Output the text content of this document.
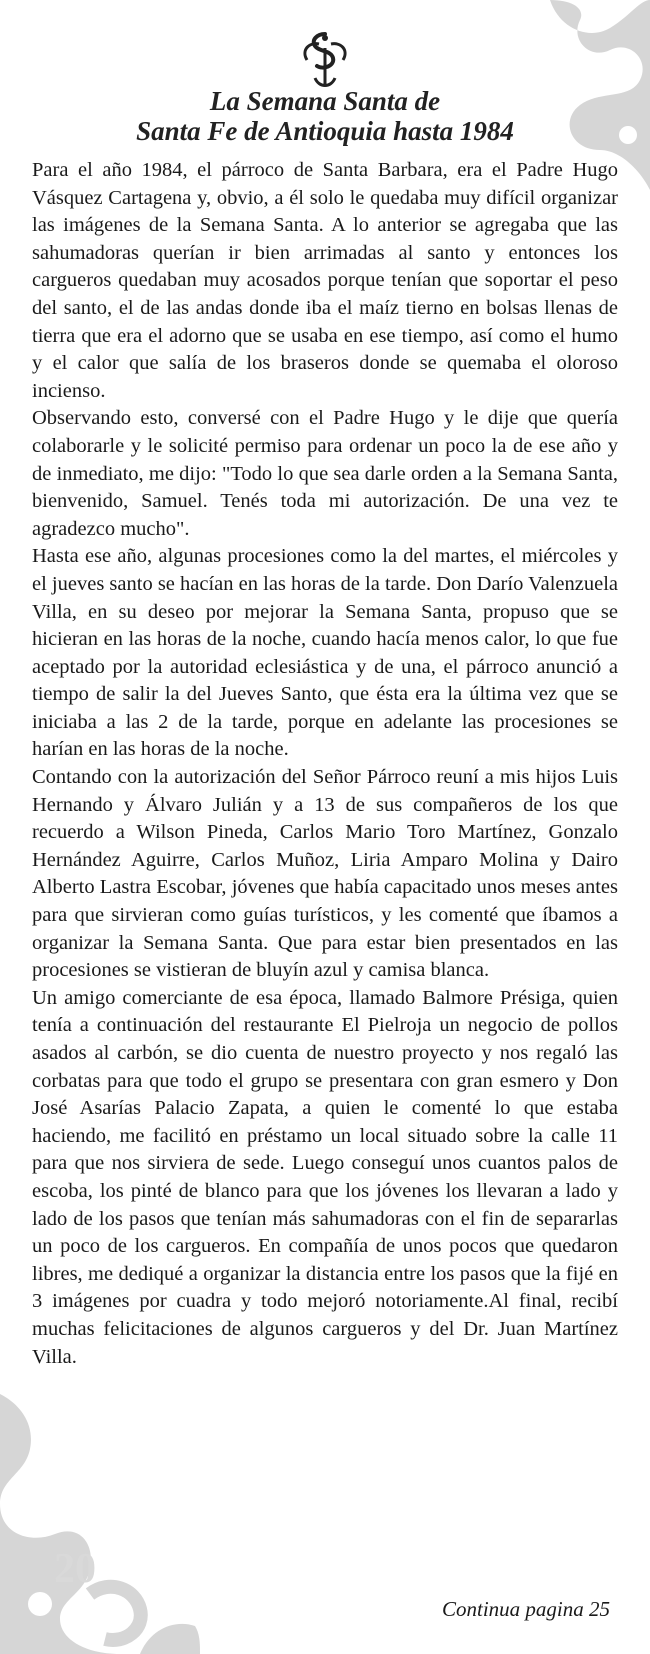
La Semana Santa de
Santa Fe de Antioquia hasta 1984

Para el año 1984, el párroco de Santa Barbara, era el Padre Hugo Vásquez Cartagena y, obvio, a él solo le quedaba muy difícil organizar las imágenes de la Semana Santa. A lo anterior se agregaba que las sahumadoras querían ir bien arrimadas al santo y entonces los cargueros quedaban muy acosados porque tenían que soportar el peso del santo, el de las andas donde iba el maíz tierno en bolsas llenas de tierra que era el adorno que se usaba en ese tiempo, así como el humo y el calor que salía de los braseros donde se quemaba el oloroso incienso.

Observando esto, conversé con el Padre Hugo y le dije que quería colaborarle y le solicité permiso para ordenar un poco la de ese año y de inmediato, me dijo: "Todo lo que sea darle orden a la Semana Santa, bienvenido, Samuel. Tenés toda mi autorización. De una vez te agradezco mucho".

Hasta ese año, algunas procesiones como la del martes, el miércoles y el jueves santo se hacían en las horas de la tarde. Don Darío Valenzuela Villa, en su deseo por mejorar la Semana Santa, propuso que se hicieran en las horas de la noche, cuando hacía menos calor, lo que fue aceptado por la autoridad eclesiástica y de una, el párroco anunció a tiempo de salir la del Jueves Santo, que ésta era la última vez que se iniciaba a las 2 de la tarde, porque en adelante las procesiones se harían en las horas de la noche.

Contando con la autorización del Señor Párroco reuní a mis hijos Luis Hernando y Álvaro Julián y a 13 de sus compañeros de los que recuerdo a Wilson Pineda, Carlos Mario Toro Martínez, Gonzalo Hernández Aguirre, Carlos Muñoz, Liria Amparo Molina y Dairo Alberto Lastra Escobar, jóvenes que había capacitado unos meses antes para que sirvieran como guías turísticos, y les comenté que íbamos a organizar la Semana Santa. Que para estar bien presentados en las procesiones se vistieran de bluyín azul y camisa blanca.

Un amigo comerciante de esa época, llamado Balmore Présiga, quien tenía a continuación del restaurante El Pielroja un negocio de pollos asados al carbón, se dio cuenta de nuestro proyecto y nos regaló las corbatas para que todo el grupo se presentara con gran esmero y Don José Asarías Palacio Zapata, a quien le comenté lo que estaba haciendo, me facilitó en préstamo un local situado sobre la calle 11 para que nos sirviera de sede. Luego conseguí unos cuantos palos de escoba, los pinté de blanco para que los jóvenes los llevaran a lado y lado de los pasos que tenían más sahumadoras con el fin de separarlas un poco de los cargueros. En compañía de unos pocos que quedaron libres, me dediqué a organizar la distancia entre los pasos que la fijé en 3 imágenes por cuadra y todo mejoró notoriamente.Al final, recibí muchas felicitaciones de algunos cargueros y del Dr. Juan Martínez Villa.

20
Continua pagina 25
